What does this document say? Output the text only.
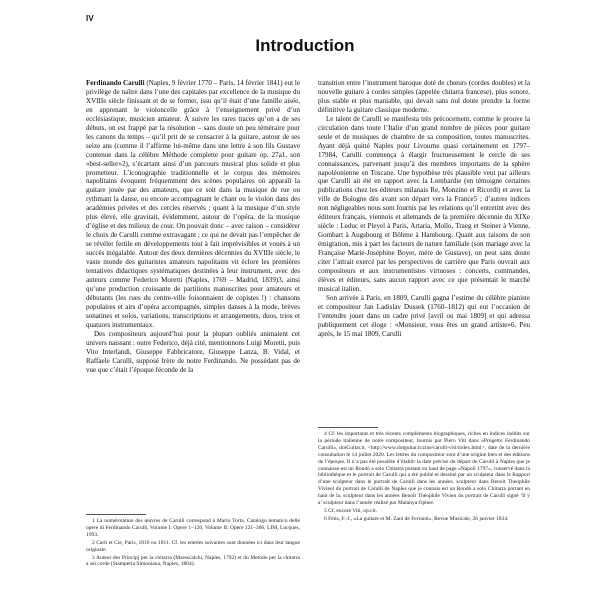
IV
Introduction

Ferdinando Carulli (Naples, 9 février 1770 – Paris, 14 février 1841) eut le privilège de naître dans l’une des capitales par excellence de la musique du XVIIIe siècle finissant et de se former, issu qu’il était d’une famille aisée, en apprenant le violoncelle grâce à l’enseignement privé d’un ecclésiastique, musicien amateur. À suivre les rares traces qu’on a de ses débuts, on est frappé par la résolution – sans doute un peu téméraire pour les canons du temps – qu’il prit de se consacrer à la guitare, autour de ses seize ans (comme il l’affirme lui-même dans une lettre à son fils Gustave contenue dans la célèbre Méthode complette pour guitare op. 27a1, son «best-seller»2), s’écartant ainsi d’un parcours musical plus solide et plus prometteur. L’iconographie traditionnelle et le corpus des mémoires napolitains évoquent fréquemment des scènes populaires où apparaît la guitare jouée par des amateurs, que ce soit dans la musique de rue ou rythmant la danse, ou encore accompagnant le chant ou le violon dans des académies privées et des cercles réservés ; quant à la musique d’un style plus élevé, elle gravitait, évidemment, autour de l’opéra, de la musique d’église et des milieux de cour. On pouvait donc – avec raison – considérer le choix de Carulli comme extravagant ; ce qui ne devait pas l’empêcher de se révéler fertile en développements tout à fait imprévisibles et voués à un succès inégalable. Autour des deux dernières décennies du XVIIIe siècle, le vaste monde des guitaristes amateurs napolitains vit éclore les premières tentatives didactiques systématiques destinées à leur instrument, avec des auteurs comme Federico Moretti (Naples, 1769 – Madrid, 1839)3, ainsi qu’une production croissante de partitions manuscrites pour amateurs et débutants (les rues du centre-ville foisonnaient de copistes !) : chansons populaires et airs d’opéra accompagnés, simples danses à la mode, brèves sonatines et solos, variations, transcriptions et arrangements, duos, trios et quatuors instrumentaux.

Des compositeurs aujourd’hui pour la plupart oubliés animaient cet univers naissant : outre Federico, déjà cité, mentionnons Luigi Moretti, puis Vito Interlandi, Giuseppe Fabbricatore, Giuseppe Lanza, B. Vidal, et Raffaele Carulli, supposé frère de notre Ferdinando. Ne possédant pas de vue que c’était l’époque féconde de la

transition entre l’instrument baroque doté de chœurs (cordes doubles) et la nouvelle guitare à cordes simples (appelée chitarra francese), plus sonore, plus stable et plus maniable, qui devait sans nul doute prendre la forme définitive la guitare classique moderne.

Le talent de Carulli se manifesta très précocement, comme le prouve la circulation dans toute l’Italie d’un grand nombre de pièces pour guitare seule et de musiques de chambre de sa composition, toutes manuscrites. Ayant déjà quitté Naples pour Livourne quasi certainement en 1797–17984, Carulli commença à élargir fructueusement le cercle de ses connaissances, parvenant jusqu’à des membres importants de la sphère napoléonienne en Toscane. Une hypothèse très plausible veut par ailleurs que Carulli ait été en rapport avec la Lombardie (en témoigne certaines publications chez les éditeurs milanais Re, Monzino et Ricordi) et avec la ville de Bologne dès avant son départ vers la France5 ; d’autres indices non négligeables nous sont fournis par les relations qu’il entretint avec des éditeurs français, viennois et allemands de la première décennie du XIXe siècle : Leduc et Pleyel à Paris, Artaria, Mollo, Traeg et Steiner à Vienne, Gombart à Augsbourg et Böhme à Hambourg. Quant aux raisons de son émigration, mis à part les facteurs de nature familiale (son mariage avec la Française Marie-Joséphine Boyer, mère de Gustave), on peut sans doute citer l’attrait exercé par les perspectives de carrière que Paris ouvrait aux compositeurs et aux instrumentistes virtuoses : concerts, commandes, élèves et éditeurs, sans aucun rapport avec ce que présentait le marché musical italien.

Son arrivée à Paris, en 1809, Carulli gagna l’estime du célèbre pianiste et compositeur Jan Ladislav Dussek (1760–1812) qui eut l’occasion de l’entendre jouer dans un cadre privé [avril ou mai 1809] et qui adressa publiquement cet éloge : «Monsieur, vous êtes un grand artiste»6. Peu après, le 15 mai 1809, Carulli

1 La numérotation des œuvres de Carulli correspond à Mario Torta, Catalogo tematico delle opere di Ferdinando Carulli, Volume I: Opere 1–120, Volume II: Opere 121–366, LIM, Lucques, 1993.

2 Carli et Cie, Paris, 1810 ou 1811. Cf. les entrées suivantes sont données ici dans leur langue originale.

3 Auteur des Principj per la chitarra (Marescalchi, Naples, 1792) et du Metodo per la chitarra a sei corde (Stamperia Simoniana, Naples, 1804).

4 Cf. les importants et très récents compléments biographiques, riches en indices inédits sur la période italienne de notre compositeur, fournis par Piero Viti dans «Progetto Ferdinando Carulli», dotGuitar.it, <http://www.dotguitar.it/zine/carulli-viti/index.html>, date de la dernière consultation le 14 juillet 2020. Les lettres du compositeur sont d’une origine bien et des éditions de l’époque. Il n’a pas été possible d’établir la date précise du départ de Carulli à Naples que je connaisse est un Rondò a solo Chitarra portant en haut de page «Napoli 1797», conservé dans la bibliothèque et le portrait de Carulli qui a été publié et dessiné par un sculpteur dans le Rapport d’une sculpteur dans le portrait de Carulli dans les années. sculpteur dans Benoit Theophile Vivienl du portrait de Carulli de Naples que je connais est un Rondò a solo Chitarra portant en haut de la. sculpteur dans les années Benoît Théophile Vivien du portrait de Carulli signé ‘Il y a’ sculpteur dans l’année réalisé par Matanya Ophee.

5 Cf. encore Viti, op.cit.

6 Fétis, F.-J., «La guitare et M. Zani de Ferranti», Revue Musicale, 26 janvier 1834.
